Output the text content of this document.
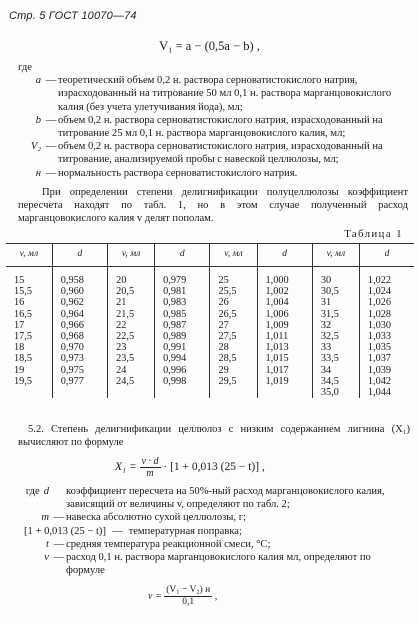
Стр. 5 ГОСТ 10070—74
V₁ = a − (0,5a − b) ,
где
a — теоретический объем 0,2 н. раствора серноватистокислого натрия, израсходованный на титрование 50 мл 0,1 н. раствора марганцовокислого калия (без учета улетучивания йода), мл;
b — объем 0,2 н. раствора серноватистокислого натрия, израсходованный на титрование 25 мл 0,1 н. раствора марганцовокислого калия, мл;
V₂ — объем 0,2 н. раствора серноватистокислого натрия, израсходованный на титрование, анализируемой пробы с навеской целлюлозы, мл;
н — нормальность раствора серноватистокислого натрия.
При определении степени делигнификации полуцеллюлозы коэффициент пересчета находят по табл. 1, но в этом случае полученный расход марганцовокислого калия v делят пополам.
Таблица 1
v, мл	d	v, мл	d	v, мл	d	v, мл	d
15	0,958	20	0,979	25	1,000	30	1,022
15,5	0,960	20,5	0,981	25,5	1,002	30,5	1,024
16	0,962	21	0,983	26	1,004	31	1,026
16,5	0,964	21,5	0,985	26,5	1,006	31,5	1,028
17	0,966	22	0,987	27	1,009	32	1,030
17,5	0,968	22,5	0,989	27,5	1,011	32,5	1,033
18	0,970	23	0,991	28	1,013	33	1,035
18,5	0,973	23,5	0,994	28,5	1,015	33,5	1,037
19	0,975	24	0,996	29	1,017	34	1,039
19,5	0,977	24,5	0,998	29,5	1,019	34,5	1,042
						35,0	1,044
5.2. Степень делигнификации целлюлоз с низким содержанием лигнина (X₁) вычисляют по формуле
$X_1 = \frac{v \cdot d}{m} \cdot [1 + 0,013$ (25 − t)] ,
где d коэффициент пересчета на 50%-ный расход марганцовокислого калия, зависящий от величины v, определяют по табл. 2;
m — навеска абсолютно сухой целлюлозы, г;
[1 + 0,013 (25 − t)] — температурная поправка;
t — средняя температура реакционной смеси, °С;
v — расход 0,1 н. раствора марганцовокислого калия мл, определяют по формуле
$v = \frac{\text{(V₁ − V₂) н}}{0,1}$ ,
